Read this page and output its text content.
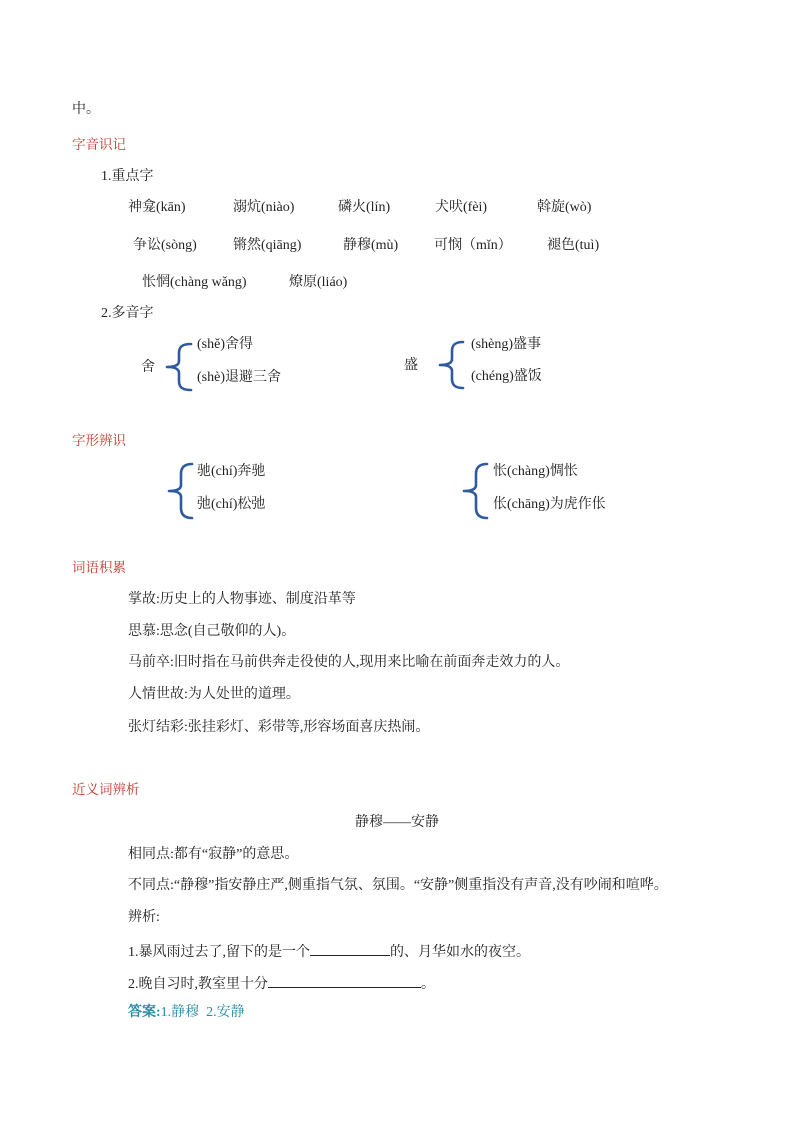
中。
字音识记
1.重点字
神龛(kān)	溺炕(niào)	磷火(lín)	犬吠(fèi)	斡旋(wò)
争讼(sòng)	锵然(qiāng)	静穆(mù)	可悯（mǐn）	褪色(tuì)
怅惘(chàng wǎng)	燎原(liáo)
2.多音字
舍
(shě)舍得
(shè)退避三舍
盛
(shèng)盛事
(chéng)盛饭
字形辨识
驰(chí)奔驰
弛(chí)松弛
怅(chàng)惆怅
伥(chāng)为虎作伥
词语积累
掌故:历史上的人物事迹、制度沿革等
思慕:思念(自己敬仰的人)。
马前卒:旧时指在马前供奔走役使的人,现用来比喻在前面奔走效力的人。
人情世故:为人处世的道理。
张灯结彩:张挂彩灯、彩带等,形容场面喜庆热闹。
近义词辨析
静穆——安静
相同点:都有“寂静”的意思。
不同点:“静穆”指安静庄严,侧重指气氛、氛围。“安静”侧重指没有声音,没有吵闹和喧哗。
辨析:
1.暴风雨过去了,留下的是一个	的、月华如水的夜空。
2.晚自习时,教室里十分	。
答案:1.静穆  2.安静
